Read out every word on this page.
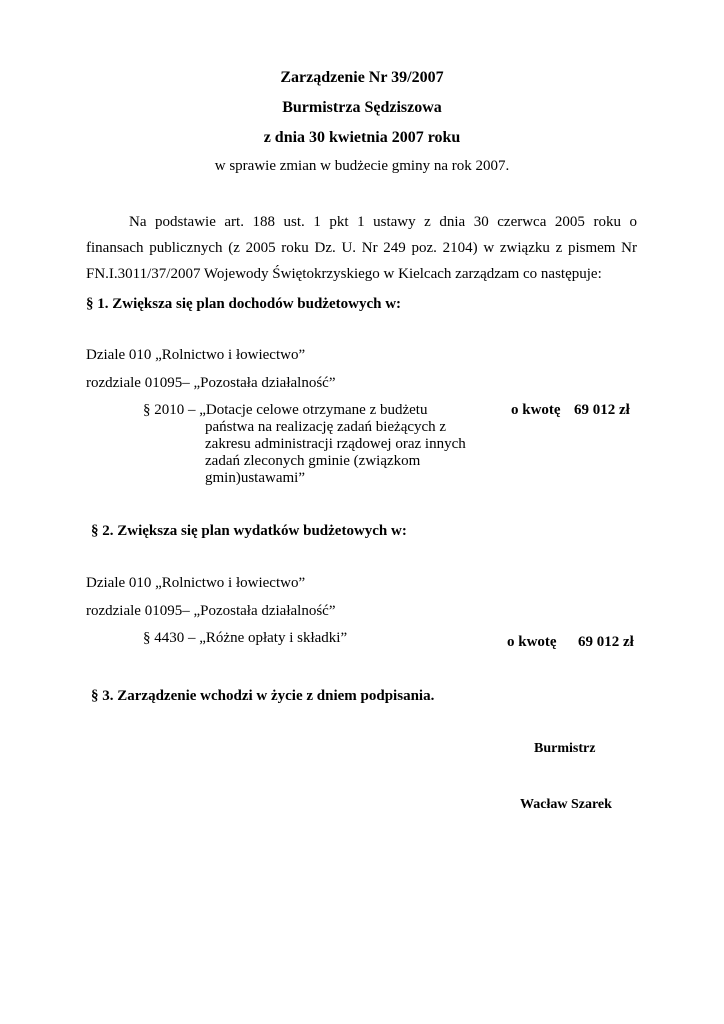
Zarządzenie Nr 39/2007
Burmistrza Sędziszowa
z dnia 30 kwietnia 2007 roku
w sprawie zmian w budżecie gminy na rok 2007.
Na podstawie art. 188 ust. 1 pkt 1 ustawy z dnia 30 czerwca 2005 roku o
finansach publicznych (z 2005 roku Dz. U. Nr 249 poz. 2104) w związku z pismem Nr
FN.I.3011/37/2007 Wojewody Świętokrzyskiego w Kielcach zarządzam co następuje:
§ 1. Zwiększa się plan dochodów budżetowych w:
Dziale 010 „Rolnictwo i łowiectwo”
rozdziale 01095– „Pozostała działalność”
§ 2010 – „Dotacje celowe otrzymane z budżetu
państwa na realizację zadań bieżących z
zakresu administracji rządowej oraz innych
zadań zleconych gminie (związkom
gmin)ustawami”
o kwotę 69 012 zł
§ 2. Zwiększa się plan wydatków budżetowych w:
Dziale 010 „Rolnictwo i łowiectwo”
rozdziale 01095– „Pozostała działalność”
§ 4430 – „Różne opłaty i składki”	o kwotę 69 012 zł
§ 3. Zarządzenie wchodzi w życie z dniem podpisania.
Burmistrz
Wacław Szarek
